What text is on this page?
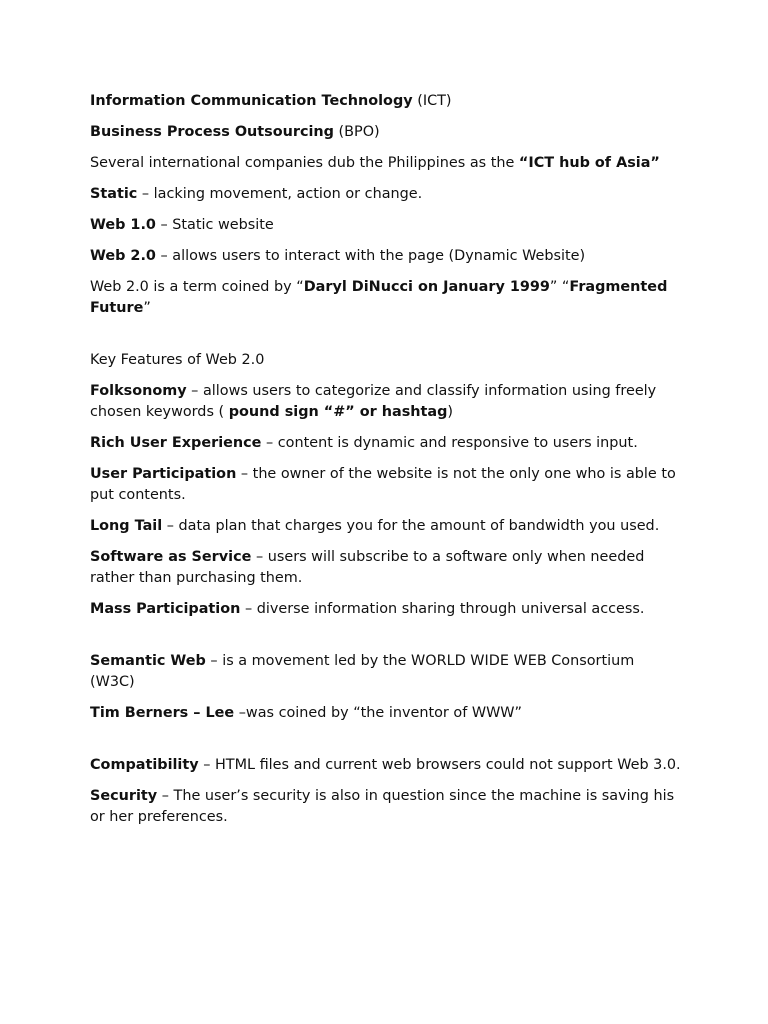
Information Communication Technology (ICT)

Business Process Outsourcing (BPO)

Several international companies dub the Philippines as the “ICT hub of Asia”

Static – lacking movement, action or change.

Web 1.0 – Static website

Web 2.0 – allows users to interact with the page (Dynamic Website)

Web 2.0 is a term coined by “Daryl DiNucci on January 1999” “Fragmented Future”

Key Features of Web 2.0

Folksonomy – allows users to categorize and classify information using freely chosen keywords ( pound sign “#” or hashtag)

Rich User Experience – content is dynamic and responsive to users input.

User Participation – the owner of the website is not the only one who is able to put contents.

Long Tail – data plan that charges you for the amount of bandwidth you used.

Software as Service – users will subscribe to a software only when needed rather than purchasing them.

Mass Participation – diverse information sharing through universal access.

Semantic Web – is a movement led by the WORLD WIDE WEB Consortium (W3C)

Tim Berners – Lee –was coined by “the inventor of WWW”

Compatibility – HTML files and current web browsers could not support Web 3.0.

Security – The user’s security is also in question since the machine is saving his or her preferences.
